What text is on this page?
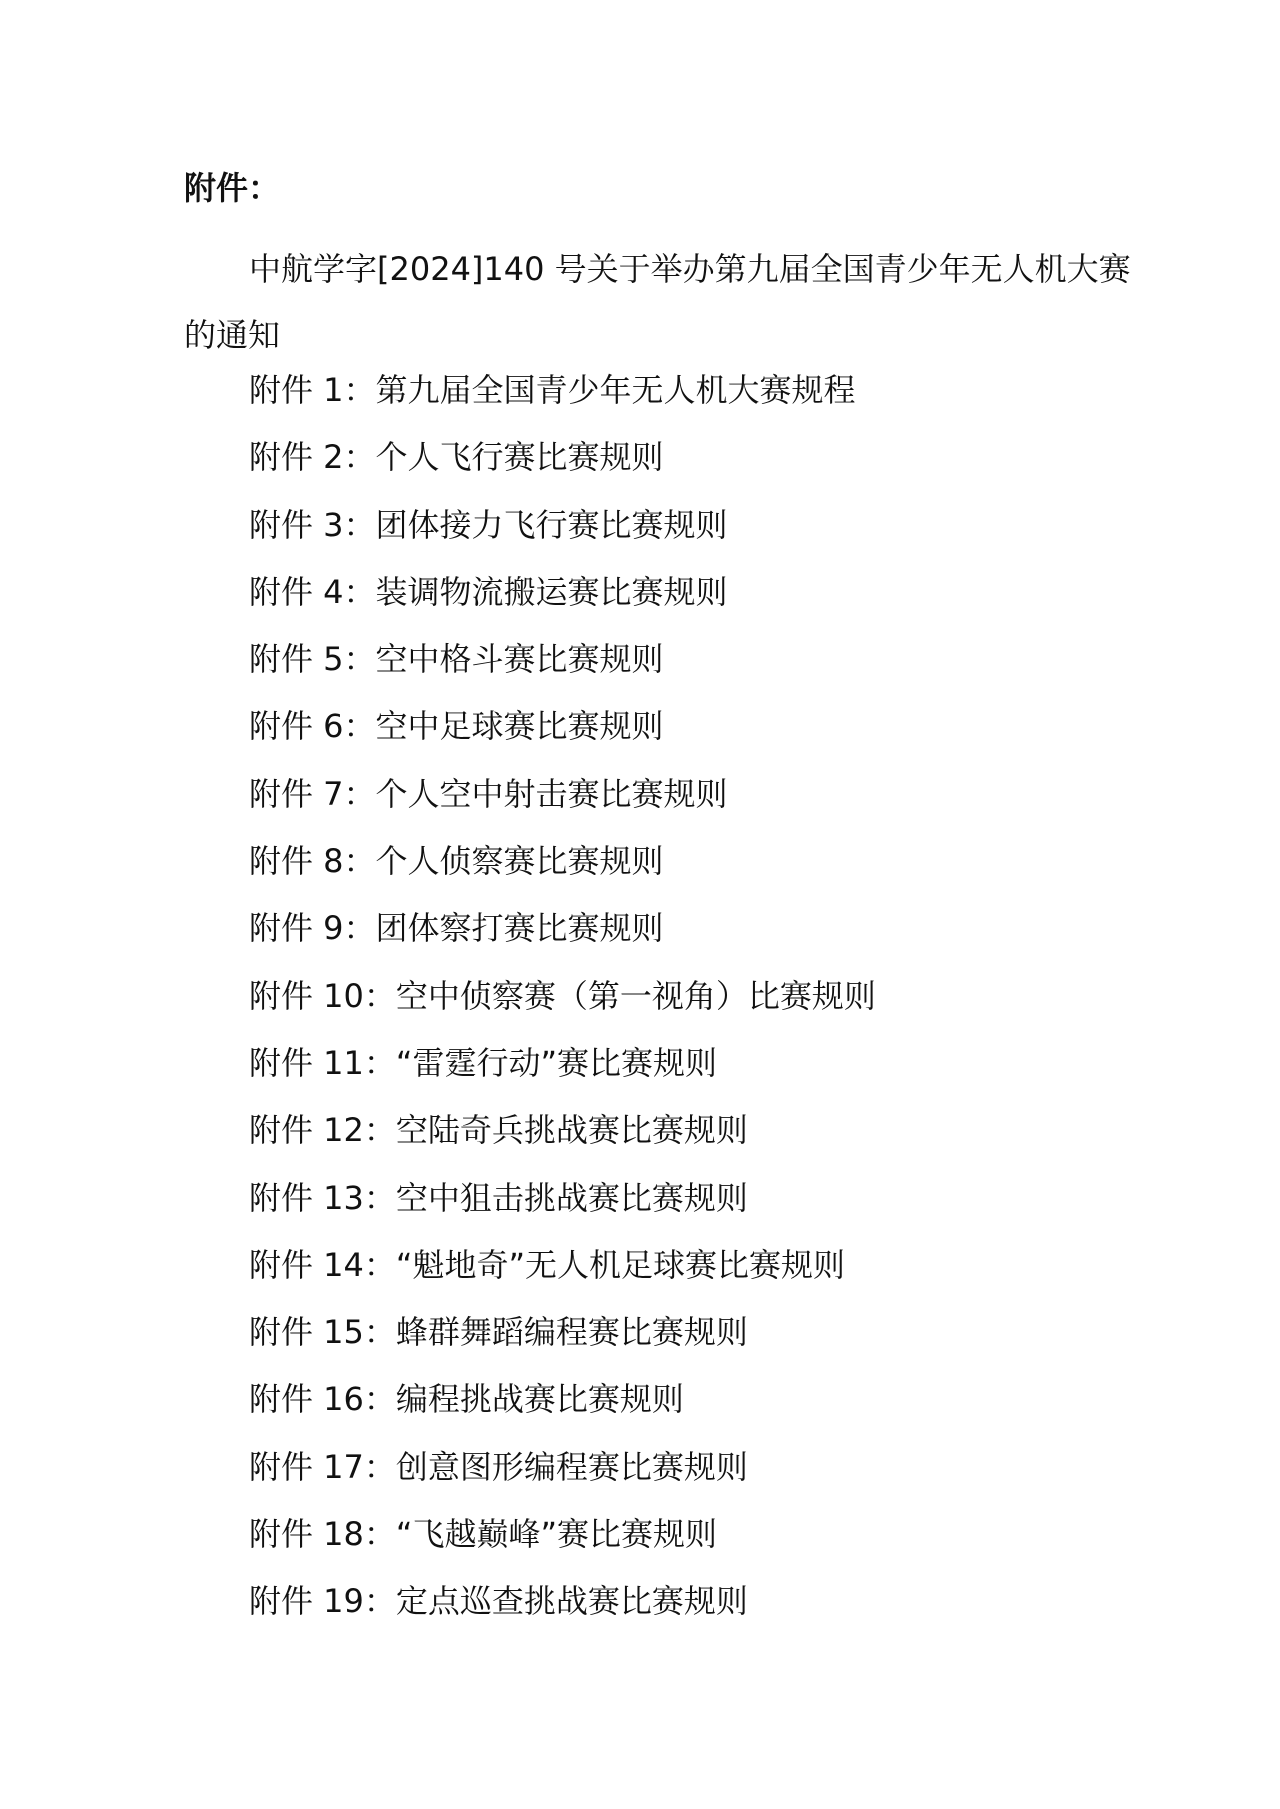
附件：
中航学字[2024]140 号关于举办第九届全国青少年无人机大赛的通知
附件 1：第九届全国青少年无人机大赛规程
附件 2：个人飞行赛比赛规则
附件 3：团体接力飞行赛比赛规则
附件 4：装调物流搬运赛比赛规则
附件 5：空中格斗赛比赛规则
附件 6：空中足球赛比赛规则
附件 7：个人空中射击赛比赛规则
附件 8：个人侦察赛比赛规则
附件 9：团体察打赛比赛规则
附件 10：空中侦察赛（第一视角）比赛规则
附件 11：“雷霆行动”赛比赛规则
附件 12：空陆奇兵挑战赛比赛规则
附件 13：空中狙击挑战赛比赛规则
附件 14：“魁地奇”无人机足球赛比赛规则
附件 15：蜂群舞蹈编程赛比赛规则
附件 16：编程挑战赛比赛规则
附件 17：创意图形编程赛比赛规则
附件 18：“飞越巅峰”赛比赛规则
附件 19：定点巡查挑战赛比赛规则
